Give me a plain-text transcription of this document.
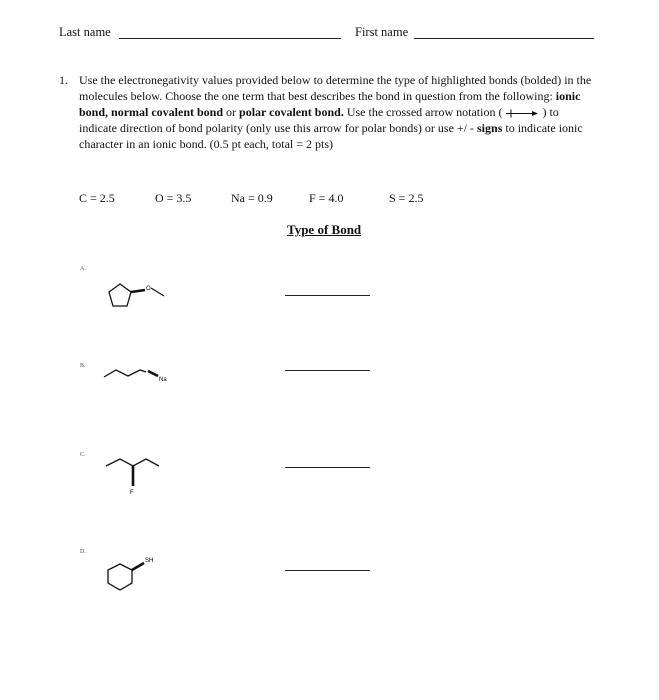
Last name	First name
1. Use the electronegativity values provided below to determine the type of highlighted bonds (bolded) in the molecules below. Choose the one term that best describes the bond in question from the following: ionic bond, normal covalent bond or polar covalent bond. Use the crossed arrow notation (	) to indicate direction of bond polarity (only use this arrow for polar bonds) or use +/ - signs to indicate ionic character in an ionic bond. (0.5 pt each, total = 2 pts)
C = 2.5	O = 3.5	Na = 0.9	F = 4.0	S = 2.5
Type of Bond
A.
O
B.
Na
C.
F
D.
SH
